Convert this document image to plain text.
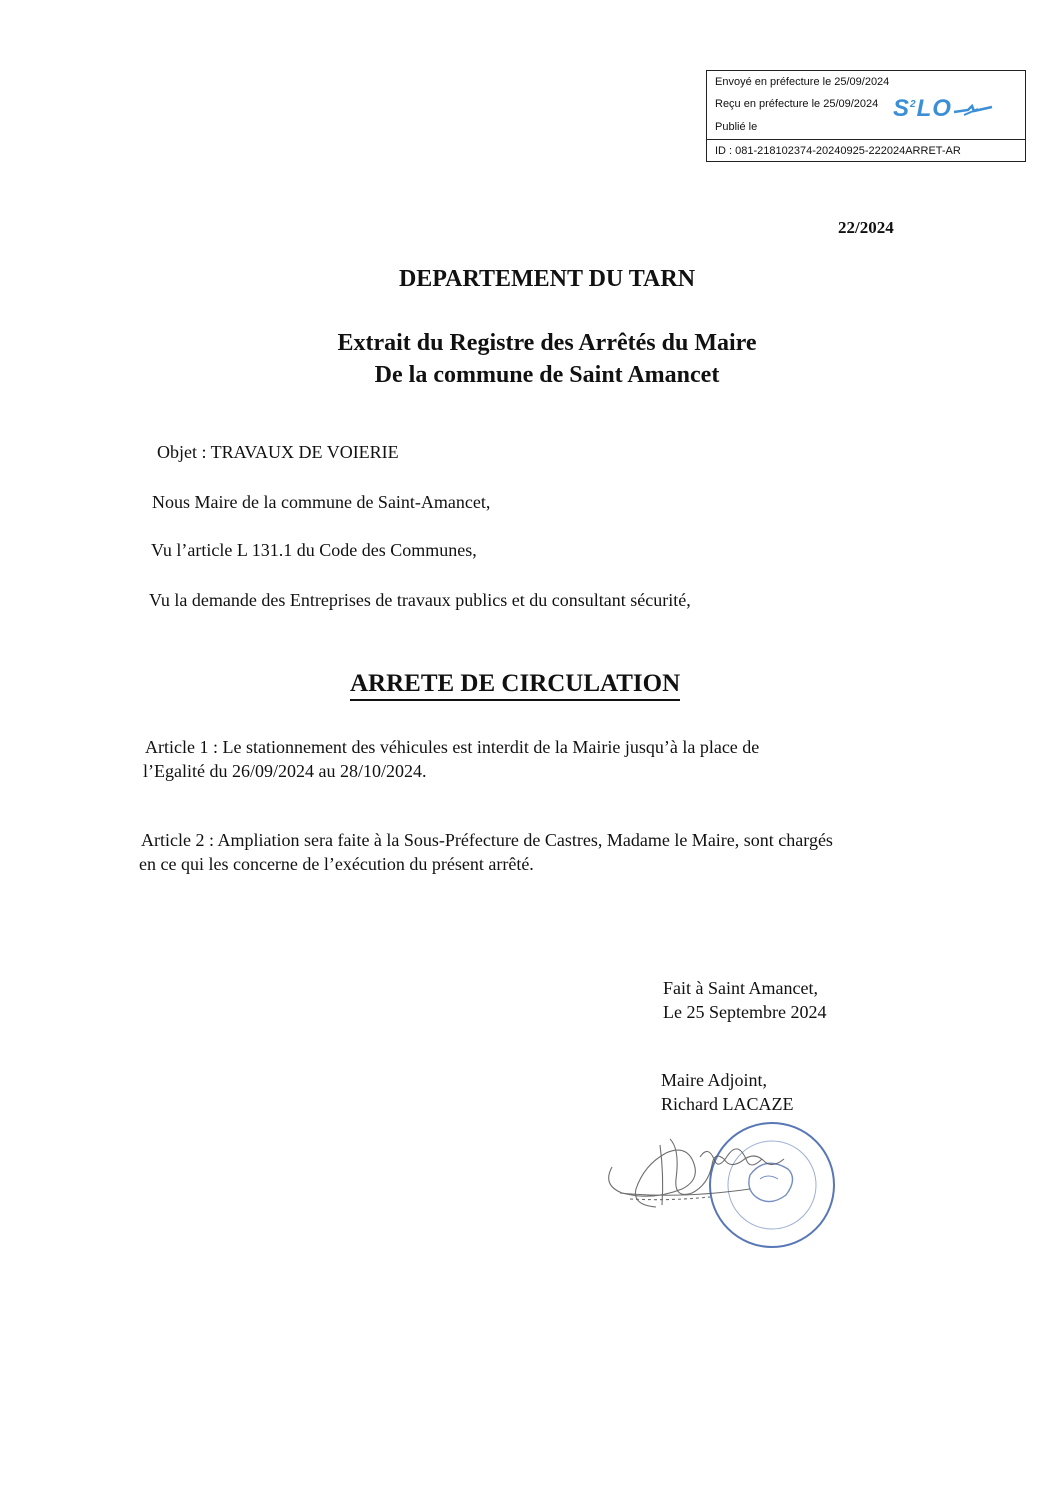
Envoyé en préfecture le 25/09/2024
Reçu en préfecture le 25/09/2024
Publié le
ID : 081-218102374-20240925-222024ARRET-AR
$S^2LO$
22/2024
DEPARTEMENT DU TARN
Extrait du Registre des Arrêtés du Maire
De la commune de Saint Amancet
Objet : TRAVAUX DE VOIERIE
Nous Maire de la commune de Saint-Amancet,
Vu l’article L 131.1 du Code des Communes,
Vu la demande des Entreprises de travaux publics et du consultant sécurité,
ARRETE DE CIRCULATION
Article 1 : Le stationnement des véhicules est interdit de la Mairie jusqu’à la place de
l’Egalité du 26/09/2024 au 28/10/2024.
Article 2 : Ampliation sera faite à la Sous-Préfecture de Castres, Madame le Maire, sont chargés
en ce qui les concerne de l’exécution du présent arrêté.
Fait à Saint Amancet,
Le 25 Septembre 2024
Maire Adjoint,
Richard LACAZE
